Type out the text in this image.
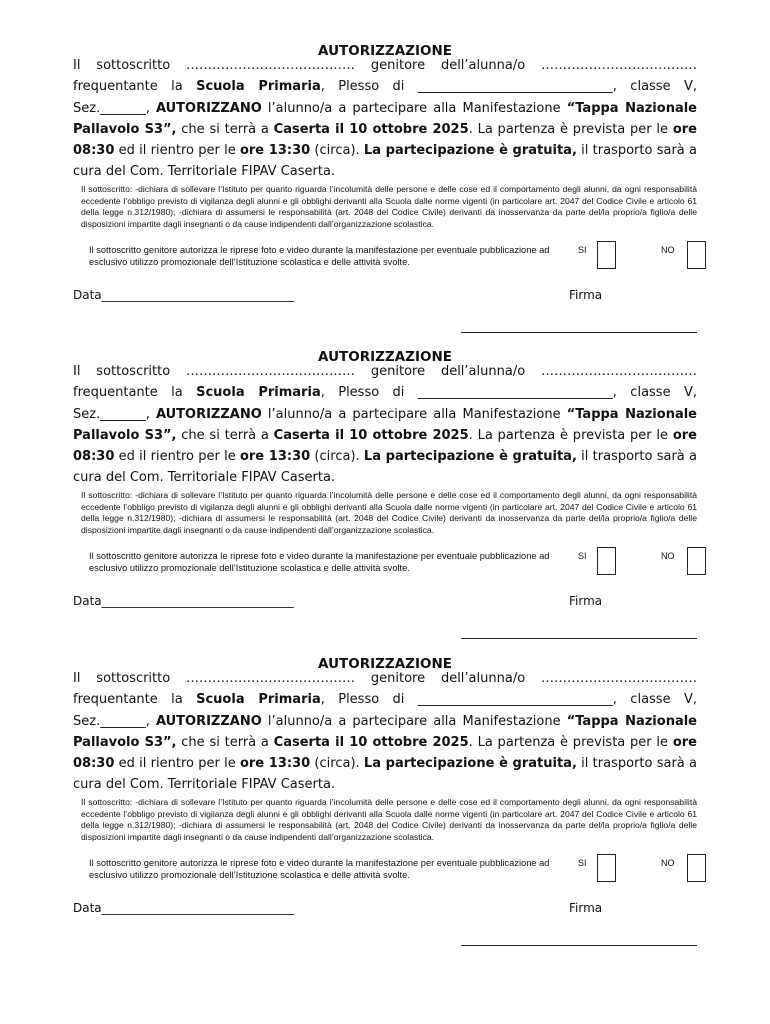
AUTORIZZAZIONE
Il sottoscritto ………………………………… genitore dell’alunna/o ……………………………… frequentante la Scuola Primaria, Plesso di ______________________________, classe V, Sez._______, AUTORIZZANO l’alunno/a a partecipare alla Manifestazione “Tappa Nazionale Pallavolo S3”, che si terrà a Caserta il 10 ottobre 2025. La partenza è prevista per le ore 08:30 ed il rientro per le ore 13:30 (circa). La partecipazione è gratuita, il trasporto sarà a cura del Com. Territoriale FIPAV Caserta.
Il sottoscritto: -dichiara di sollevare l’Istituto per quanto riguarda l’incolumità delle persone e delle cose ed il comportamento degli alunni, da ogni responsabilità eccedente l’obbligo previsto di vigilanza degli alunni e gli obblighi derivanti alla Scuola dalle norme vigenti (in particolare art. 2047 del Codice Civile e articolo 61 della legge n.312/1980); -dichiara di assumersi le responsabilità (art. 2048 del Codice Civile) derivanti da inosservanza da parte del/la proprio/a figlio/a delle disposizioni impartite dagli insegnanti o da cause indipendenti dall’organizzazione scolastica.
Il sottoscritto genitore autorizza le riprese foto e video durante la manifestazione per eventuale pubblicazione ad esclusivo utilizzo promozionale dell’Istituzione scolastica e delle attività svolte.
SI	NO
Data________________________________	Firma
AUTORIZZAZIONE
Il sottoscritto ………………………………… genitore dell’alunna/o ……………………………… frequentante la Scuola Primaria, Plesso di ______________________________, classe V, Sez._______, AUTORIZZANO l’alunno/a a partecipare alla Manifestazione “Tappa Nazionale Pallavolo S3”, che si terrà a Caserta il 10 ottobre 2025. La partenza è prevista per le ore 08:30 ed il rientro per le ore 13:30 (circa). La partecipazione è gratuita, il trasporto sarà a cura del Com. Territoriale FIPAV Caserta.
Il sottoscritto: -dichiara di sollevare l’Istituto per quanto riguarda l’incolumità delle persone e delle cose ed il comportamento degli alunni, da ogni responsabilità eccedente l’obbligo previsto di vigilanza degli alunni e gli obblighi derivanti alla Scuola dalle norme vigenti (in particolare art. 2047 del Codice Civile e articolo 61 della legge n.312/1980); -dichiara di assumersi le responsabilità (art. 2048 del Codice Civile) derivanti da inosservanza da parte del/la proprio/a figlio/a delle disposizioni impartite dagli insegnanti o da cause indipendenti dall’organizzazione scolastica.
Il sottoscritto genitore autorizza le riprese foto e video durante la manifestazione per eventuale pubblicazione ad esclusivo utilizzo promozionale dell’Istituzione scolastica e delle attività svolte.
SI	NO
Data________________________________	Firma
AUTORIZZAZIONE
Il sottoscritto ………………………………… genitore dell’alunna/o ……………………………… frequentante la Scuola Primaria, Plesso di ______________________________, classe V, Sez._______, AUTORIZZANO l’alunno/a a partecipare alla Manifestazione “Tappa Nazionale Pallavolo S3”, che si terrà a Caserta il 10 ottobre 2025. La partenza è prevista per le ore 08:30 ed il rientro per le ore 13:30 (circa). La partecipazione è gratuita, il trasporto sarà a cura del Com. Territoriale FIPAV Caserta.
Il sottoscritto: -dichiara di sollevare l’Istituto per quanto riguarda l’incolumità delle persone e delle cose ed il comportamento degli alunni, da ogni responsabilità eccedente l’obbligo previsto di vigilanza degli alunni e gli obblighi derivanti alla Scuola dalle norme vigenti (in particolare art. 2047 del Codice Civile e articolo 61 della legge n.312/1980); -dichiara di assumersi le responsabilità (art. 2048 del Codice Civile) derivanti da inosservanza da parte del/la proprio/a figlio/a delle disposizioni impartite dagli insegnanti o da cause indipendenti dall’organizzazione scolastica.
Il sottoscritto genitore autorizza le riprese foto e video durante la manifestazione per eventuale pubblicazione ad esclusivo utilizzo promozionale dell’Istituzione scolastica e delle attività svolte.
SI	NO
Data________________________________	Firma
